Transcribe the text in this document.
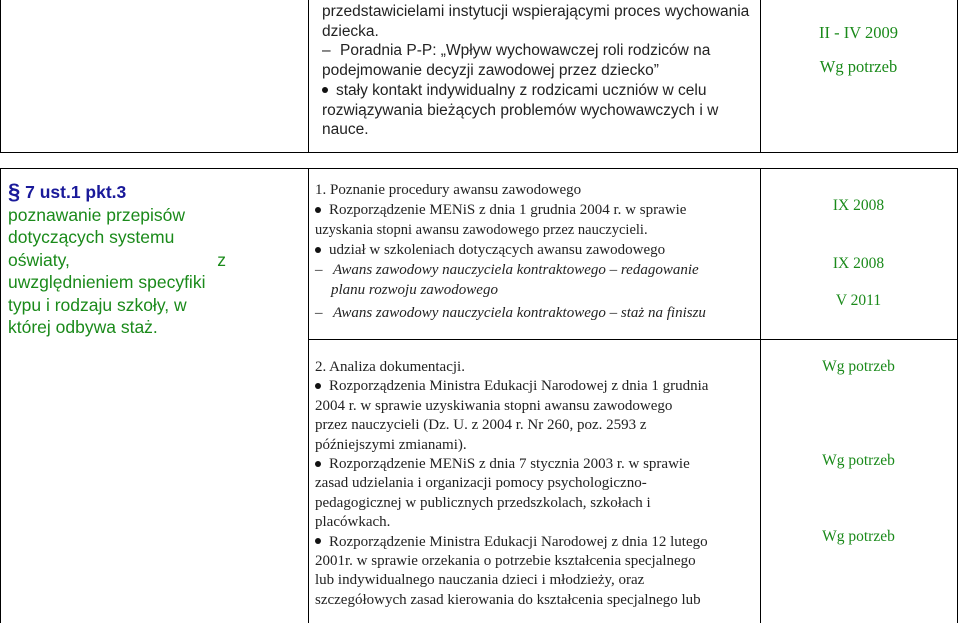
przedstawicielami instytucji wspierającymi proces wychowania
dziecka.
– Poradnia P-P: „Wpływ wychowawczej roli rodziców na
podejmowanie decyzji zawodowej przez dziecko”
stały kontakt indywidualny z rodzicami uczniów w celu
rozwiązywania bieżących problemów wychowawczych i w
nauce.
II - IV 2009
Wg potrzeb
§ 7 ust.1 pkt.3
poznawanie przepisów
dotyczących systemu
oświaty,	z
uwzględnieniem specyfiki
typu i rodzaju szkoły, w
której odbywa staż.
1. Poznanie procedury awansu zawodowego
Rozporządzenie MENiS z dnia 1 grudnia 2004 r. w sprawie
uzyskania stopni awansu zawodowego przez nauczycieli.
udział w szkoleniach dotyczących awansu zawodowego
– Awans zawodowy nauczyciela kontraktowego – redagowanie
planu rozwoju zawodowego
– Awans zawodowy nauczyciela kontraktowego – staż na finiszu
IX 2008
IX 2008
V 2011
2. Analiza dokumentacji.
Rozporządzenia Ministra Edukacji Narodowej z dnia 1 grudnia
2004 r. w sprawie uzyskiwania stopni awansu zawodowego
przez nauczycieli (Dz. U. z 2004 r. Nr 260, poz. 2593 z
późniejszymi zmianami).
Rozporządzenie MENiS z dnia 7 stycznia 2003 r. w sprawie
zasad udzielania i organizacji pomocy psychologiczno-
pedagogicznej w publicznych przedszkolach, szkołach i
placówkach.
Rozporządzenie Ministra Edukacji Narodowej z dnia 12 lutego
2001r. w sprawie orzekania o potrzebie kształcenia specjalnego
lub indywidualnego nauczania dzieci i młodzieży, oraz
szczegółowych zasad kierowania do kształcenia specjalnego lub
Wg potrzeb
Wg potrzeb
Wg potrzeb
